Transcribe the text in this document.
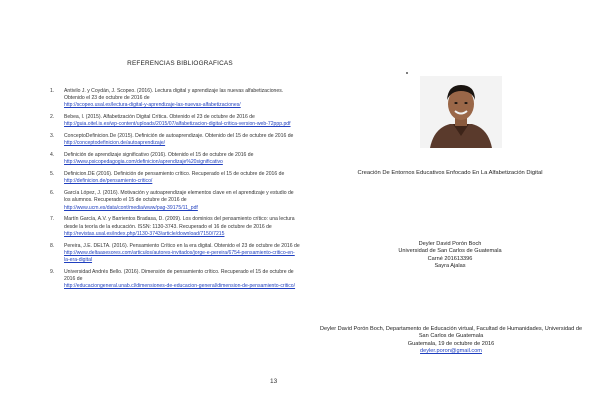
REFERENCIAS BIBLIOGRAFICAS
1. Antivilo J. y Coydán, J. Scopeo. (2016). Lectura digital y aprendizaje las nuevas alfabetizaciones. Obtenido el 23 de octubre de 2016 de
http://scopeo.usal.es/lectura-digital-y-aprendizaje-las-nuevas-alfabetizaciones/
2. Bebea, I. (2015). Alfabetización Digital Crítica. Obtenido el 23 de octubre de 2016 de
http://guia.oitel.is.es/wp-content/uploads/2015/07/alfabetizacion-digital-critica-version-web-72ppp.pdf
3. ConceptoDefinicion.De (2015). Definición de autoaprendizaje. Obtenido del 15 de octubre de 2016 de
http://conceptodefinicion.de/autoaprendizaje/
4. Definición de aprendizaje significativo (2016). Obtenido el 15 de octubre de 2016 de
http://www.psicopedagogia.com/definicion/aprendizaje%20significativo
5. Definicion.DE (2016). Definición de pensamiento crítico. Recuperado el 15 de octubre de 2016 de
http://definicion.de/pensamiento-critico/
6. García López, J. (2016). Motivación y autoaprendizaje elementos clave en el aprendizaje y estudio de los alumnos. Recuperado el 15 de octubre de 2016 de
http://www.ucm.es/data/cont/media/www/pag-39175/11_pdf
7. Martín García, A.V. y Barrientos Bradasa, D. (2009). Los dominios del pensamiento crítico: una lectura desde la teoría de la educación. ISSN: 1130-3743. Recuperado el 16 de octubre de 2016 de
http://revistas.usal.es/index.php/1130-3743/article/download/7150/7215
8. Pereira, J.E. DELTA. (2016). Pensamiento Crítico en la era digital. Obtenido el 23 de octubre de 2016 de
http://www.deltaasesores.com/articulos/autores-invitados/jorge-e-pereira/6754-pensamiento-critico-en-la-era-digital
9. Universidad Andrés Bello. (2016). Dimensión de pensamiento crítico. Recuperado el 15 de octubre de 2016 de
http://educaciongeneral.unab.cl/dimensiones-de-educacion-general/dimension-de-pensamiento-critico/
13
Creación De Entornos Educativos Enfocado En La Alfabetización Digital
Deyler David Porón Boch
Universidad de San Carlos de Guatemala
Carné 201613396
Sayra Ajalas
Deyler David Porón Boch, Departamento de Educación virtual, Facultad de Humanidades, Universidad de San Carlos de Guatemala
Guatemala, 19 de octubre de 2016
deyler.poron@gmail.com
